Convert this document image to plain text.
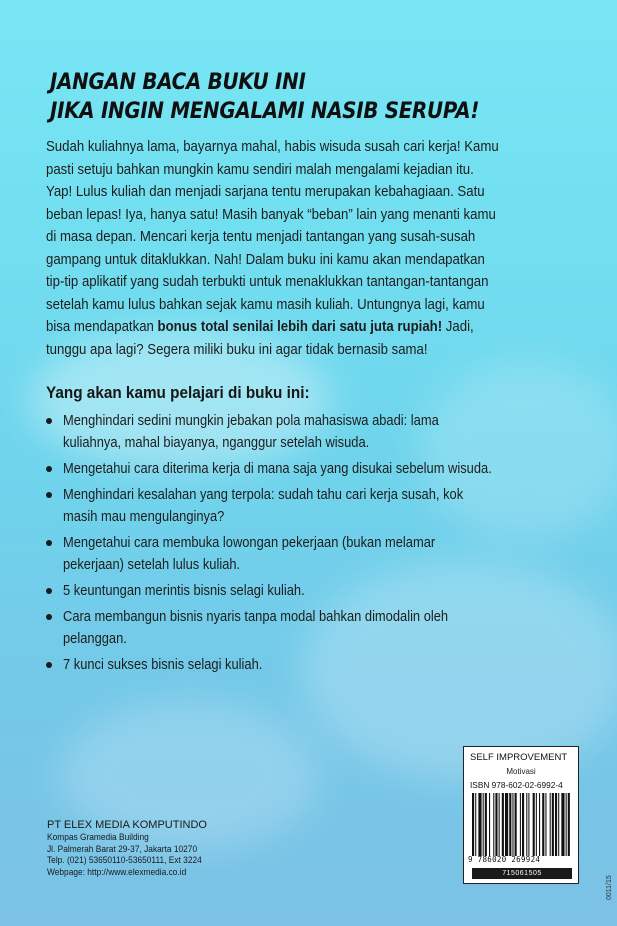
JANGAN BACA BUKU INI
JIKA INGIN MENGALAMI NASIB SERUPA!
Sudah kuliahnya lama, bayarnya mahal, habis wisuda susah cari kerja! Kamu
pasti setuju bahkan mungkin kamu sendiri malah mengalami kejadian itu.
Yap! Lulus kuliah dan menjadi sarjana tentu merupakan kebahagiaan. Satu
beban lepas! Iya, hanya satu! Masih banyak “beban” lain yang menanti kamu
di masa depan. Mencari kerja tentu menjadi tantangan yang susah-susah
gampang untuk ditaklukkan. Nah! Dalam buku ini kamu akan mendapatkan
tip-tip aplikatif yang sudah terbukti untuk menaklukkan tantangan-tantangan
setelah kamu lulus bahkan sejak kamu masih kuliah. Untungnya lagi, kamu
bisa mendapatkan bonus total senilai lebih dari satu juta rupiah! Jadi,
tunggu apa lagi? Segera miliki buku ini agar tidak bernasib sama!
Yang akan kamu pelajari di buku ini:
Menghindari sedini mungkin jebakan pola mahasiswa abadi: lama
kuliahnya, mahal biayanya, nganggur setelah wisuda.
Mengetahui cara diterima kerja di mana saja yang disukai sebelum wisuda.
Menghindari kesalahan yang terpola: sudah tahu cari kerja susah, kok
masih mau mengulanginya?
Mengetahui cara membuka lowongan pekerjaan (bukan melamar
pekerjaan) setelah lulus kuliah.
5 keuntungan merintis bisnis selagi kuliah.
Cara membangun bisnis nyaris tanpa modal bahkan dimodalin oleh
pelanggan.
7 kunci sukses bisnis selagi kuliah.
PT ELEX MEDIA KOMPUTINDO
Kompas Gramedia Building
Jl. Palmerah Barat 29-37, Jakarta 10270
Telp. (021) 53650110-53650111, Ext 3224
Webpage: http://www.elexmedia.co.id
SELF IMPROVEMENT
Motivasi
ISBN 978-602-02-6992-4
9 786020 269924
715061505
0011/15
